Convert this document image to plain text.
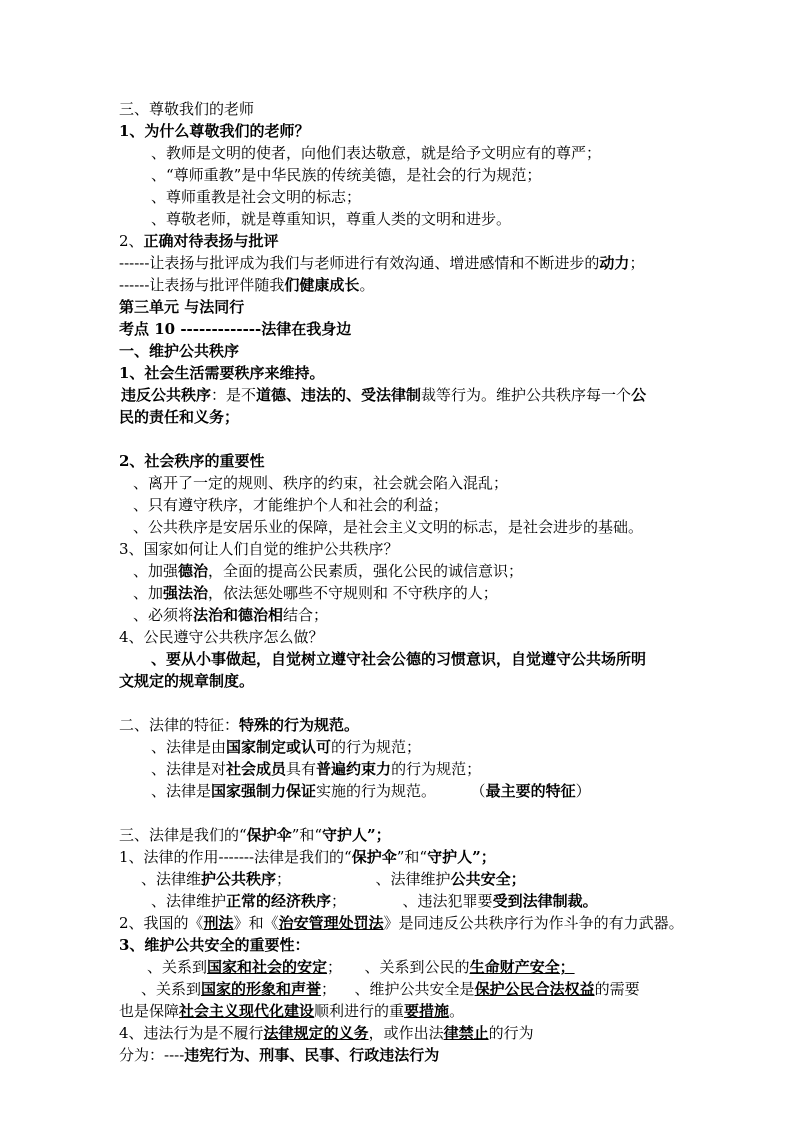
三、尊敬我们的老师
1、为什么尊敬我们的老师？
、教师是文明的使者，向他们表达敬意，就是给予文明应有的尊严；
、“尊师重教”是中华民族的传统美德，是社会的行为规范；
、尊师重教是社会文明的标志；
、尊敬老师，就是尊重知识，尊重人类的文明和进步。
2、正确对待表扬与批评
------让表扬与批评成为我们与老师进行有效沟通、增进感情和不断进步的动力；
------让表扬与批评伴随我们健康成长。
第三单元 与法同行
考点 10 -------------法律在我身边
一、维护公共秩序
1、社会生活需要秩序来维持。
违反公共秩序：是不道德、违法的、受法律制裁等行为。维护公共秩序每一个公
民的责任和义务；
2、社会秩序的重要性
、离开了一定的规则、秩序的约束，社会就会陷入混乱；
、只有遵守秩序，才能维护个人和社会的利益；
、公共秩序是安居乐业的保障，是社会主义文明的标志，是社会进步的基础。
3、国家如何让人们自觉的维护公共秩序？
、加强德治，全面的提高公民素质，强化公民的诚信意识；
、加强法治，依法惩处哪些不守规则和 不守秩序的人；
、必须将法治和德治相结合；
4、公民遵守公共秩序怎么做？
、要从小事做起，自觉树立遵守社会公德的习惯意识，自觉遵守公共场所明
文规定的规章制度。
二、法律的特征：特殊的行为规范。
、法律是由国家制定或认可的行为规范；
、法律是对社会成员具有普遍约束力的行为规范；
、法律是国家强制力保证实施的行为规范。	（最主要的特征）
三、法律是我们的“保护伞”和“守护人”；
1、法律的作用-------法律是我们的“保护伞”和“守护人”；
、法律维护公共秩序；	、法律维护公共安全；
、法律维护正常的经济秩序；	、违法犯罪要受到法律制裁。
2、我国的《刑法》和《治安管理处罚法》是同违反公共秩序行为作斗争的有力武器。
3、维护公共安全的重要性：
、关系到国家和社会的安定； 、关系到公民的生命财产安全；
、关系到国家的形象和声誉； 、维护公共安全是保护公民合法权益的需要
也是保障社会主义现代化建设顺利进行的重要措施。
4、违法行为是不履行法律规定的义务，或作出法律禁止的行为
分为：----违宪行为、刑事、民事、行政违法行为
